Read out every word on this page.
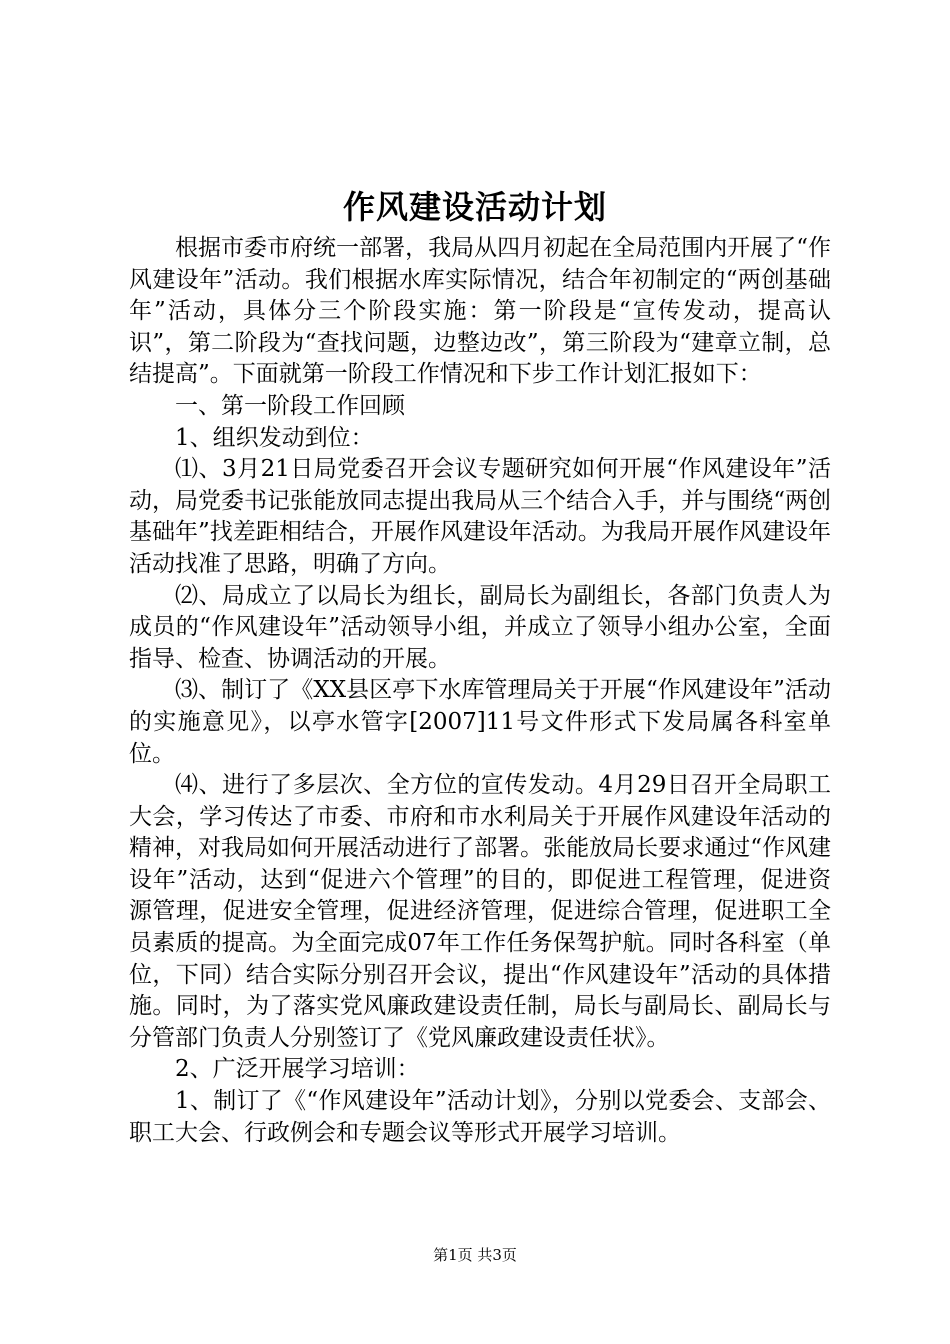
作风建设活动计划

根据市委市府统一部署，我局从四月初起在全局范围内开展了“作风建设年”活动。我们根据水库实际情况，结合年初制定的“两创基础年”活动，具体分三个阶段实施：第一阶段是“宣传发动，提高认识”，第二阶段为“查找问题，边整边改”，第三阶段为“建章立制，总结提高”。下面就第一阶段工作情况和下步工作计划汇报如下：

一、第一阶段工作回顾

1、组织发动到位：

⑴、3月21日局党委召开会议专题研究如何开展“作风建设年”活动，局党委书记张能放同志提出我局从三个结合入手，并与围绕“两创基础年”找差距相结合，开展作风建设年活动。为我局开展作风建设年活动找准了思路，明确了方向。

⑵、局成立了以局长为组长，副局长为副组长，各部门负责人为成员的“作风建设年”活动领导小组，并成立了领导小组办公室，全面指导、检查、协调活动的开展。

⑶、制订了《XX县区亭下水库管理局关于开展“作风建设年”活动的实施意见》，以亭水管字[2007]11号文件形式下发局属各科室单位。

⑷、进行了多层次、全方位的宣传发动。4月29日召开全局职工大会，学习传达了市委、市府和市水利局关于开展作风建设年活动的精神，对我局如何开展活动进行了部署。张能放局长要求通过“作风建设年”活动，达到“促进六个管理”的目的，即促进工程管理，促进资源管理，促进安全管理，促进经济管理，促进综合管理，促进职工全员素质的提高。为全面完成07年工作任务保驾护航。同时各科室（单位，下同）结合实际分别召开会议，提出“作风建设年”活动的具体措施。同时，为了落实党风廉政建设责任制，局长与副局长、副局长与分管部门负责人分别签订了《党风廉政建设责任状》。

2、广泛开展学习培训：

1、制订了《“作风建设年”活动计划》，分别以党委会、支部会、职工大会、行政例会和专题会议等形式开展学习培训。

第1页 共3页
